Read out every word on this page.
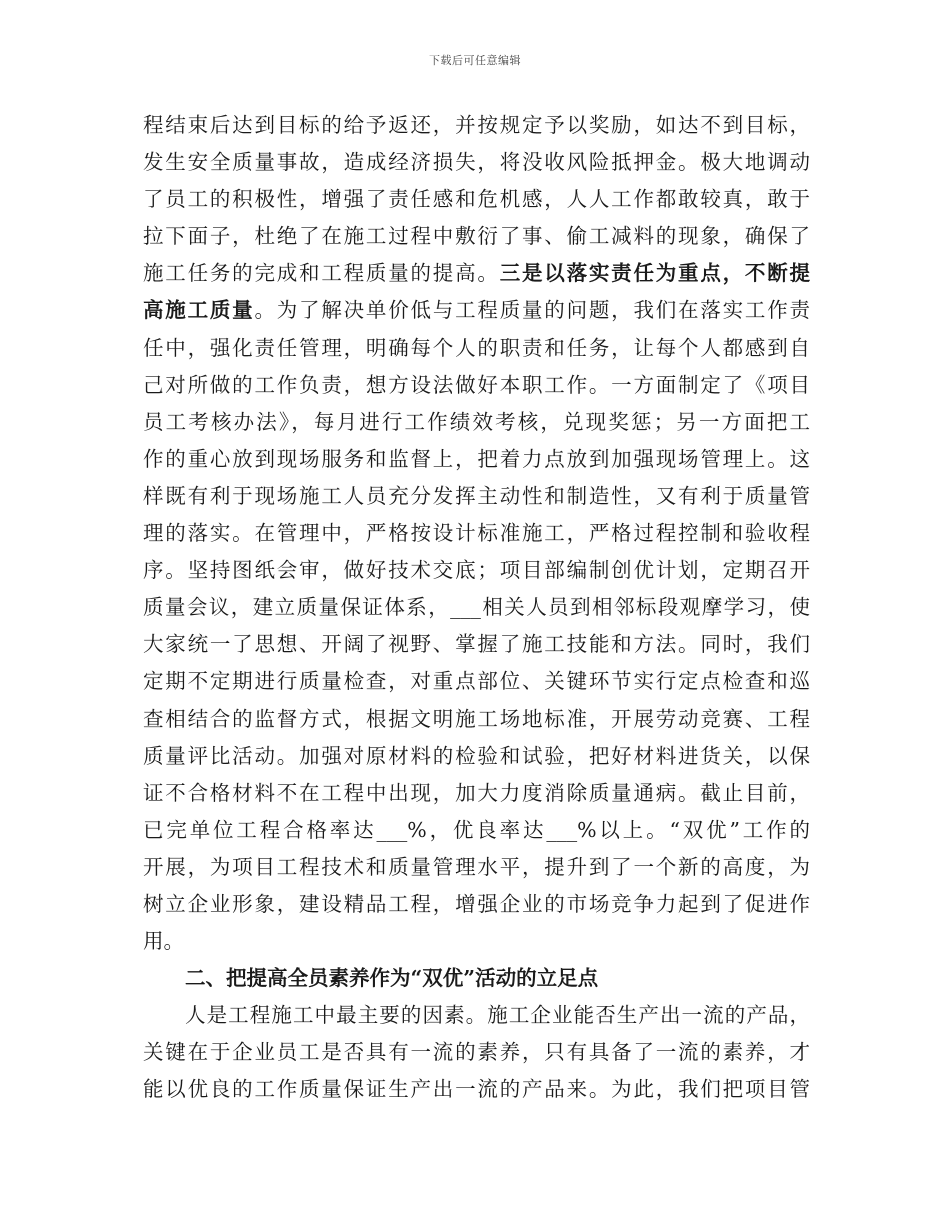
下载后可任意编辑
程结束后达到目标的给予返还，并按规定予以奖励，如达不到目标，
发生安全质量事故，造成经济损失，将没收风险抵押金。极大地调动
了员工的积极性，增强了责任感和危机感，人人工作都敢较真，敢于
拉下面子，杜绝了在施工过程中敷衍了事、偷工减料的现象，确保了
施工任务的完成和工程质量的提高。三是以落实责任为重点，不断提
高施工质量。为了解决单价低与工程质量的问题，我们在落实工作责
任中，强化责任管理，明确每个人的职责和任务，让每个人都感到自
己对所做的工作负责，想方设法做好本职工作。一方面制定了《项目
员工考核办法》，每月进行工作绩效考核，兑现奖惩；另一方面把工
作的重心放到现场服务和监督上，把着力点放到加强现场管理上。这
样既有利于现场施工人员充分发挥主动性和制造性，又有利于质量管
理的落实。在管理中，严格按设计标准施工，严格过程控制和验收程
序。坚持图纸会审，做好技术交底；项目部编制创优计划，定期召开
质量会议，建立质量保证体系，___相关人员到相邻标段观摩学习，使
大家统一了思想、开阔了视野、掌握了施工技能和方法。同时，我们
定期不定期进行质量检查，对重点部位、关键环节实行定点检查和巡
查相结合的监督方式，根据文明施工场地标准，开展劳动竞赛、工程
质量评比活动。加强对原材料的检验和试验，把好材料进货关，以保
证不合格材料不在工程中出现，加大力度消除质量通病。截止目前，
已完单位工程合格率达___%，优良率达___%以上。“双优”工作的
开展，为项目工程技术和质量管理水平，提升到了一个新的高度，为
树立企业形象，建设精品工程，增强企业的市场竞争力起到了促进作
用。
二、把提高全员素养作为“双优”活动的立足点
人是工程施工中最主要的因素。施工企业能否生产出一流的产品，
关键在于企业员工是否具有一流的素养，只有具备了一流的素养，才
能以优良的工作质量保证生产出一流的产品来。为此，我们把项目管
